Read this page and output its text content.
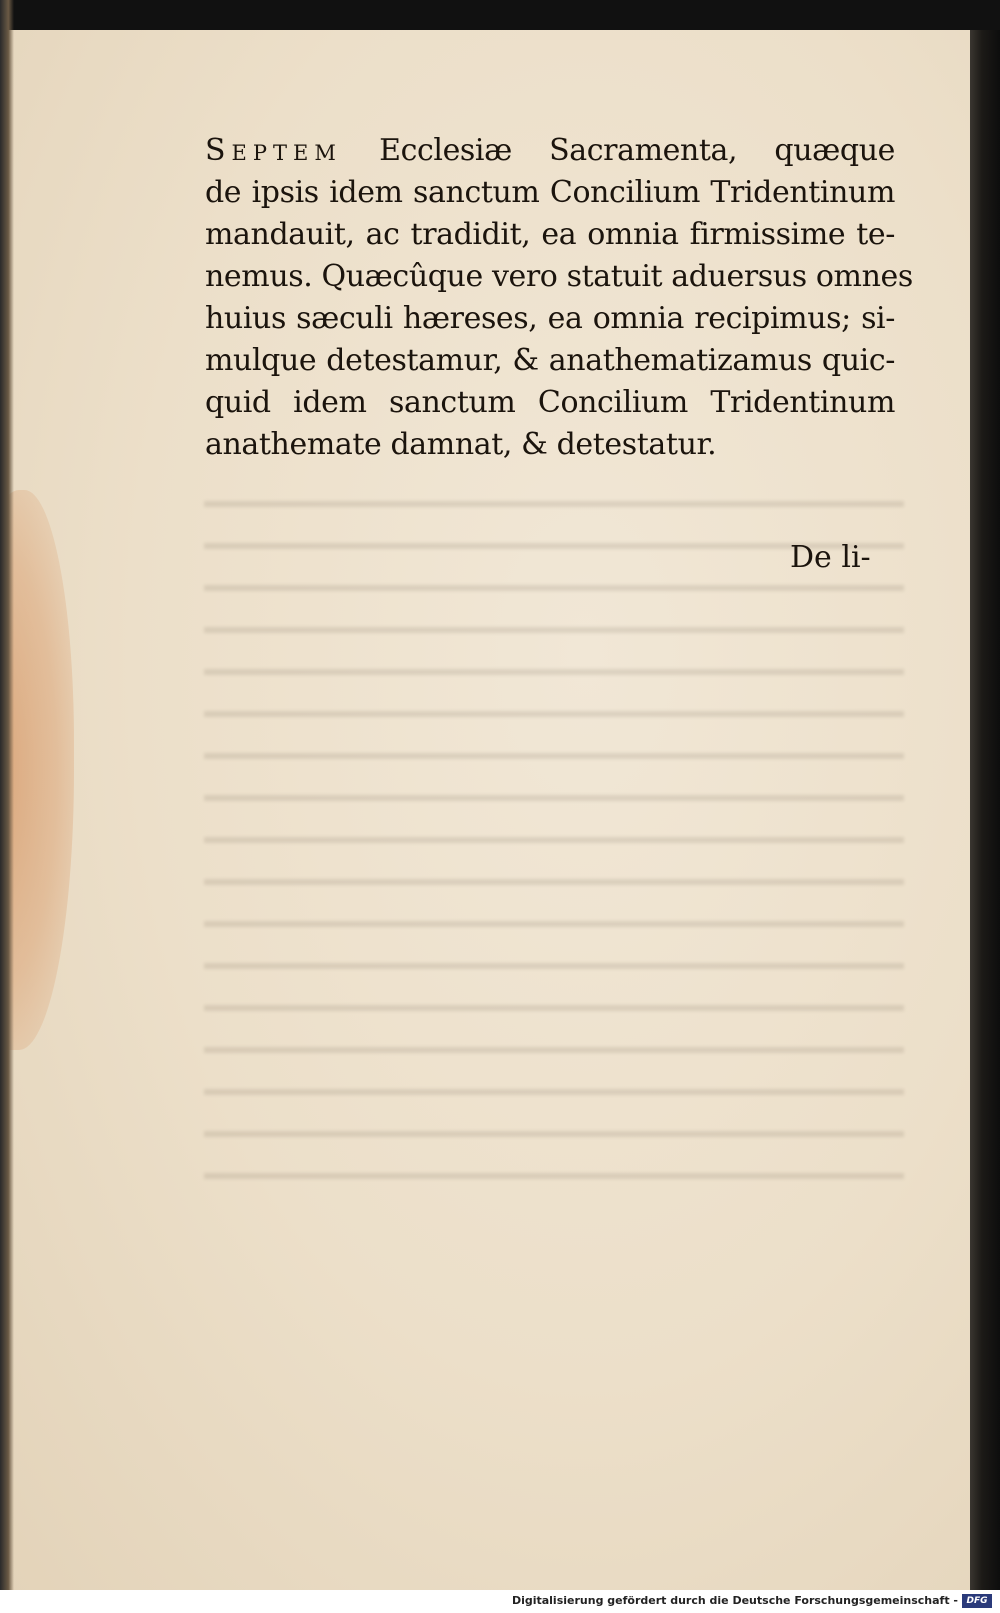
Septem Ecclesiæ Sacramenta, quæque
de ipsis idem sanctum Concilium Tridentinum
mandauit, ac tradidit, ea omnia firmissime te-
nemus. Quæcûque vero statuit aduersus omnes
huius sæculi hæreses, ea omnia recipimus; si-
mulque detestamur, & anathematizamus quic-
quid idem sanctum Concilium Tridentinum
anathemate damnat, & detestatur.
De li-
Digitalisierung gefördert durch die Deutsche Forschungsgemeinschaft - DFG
